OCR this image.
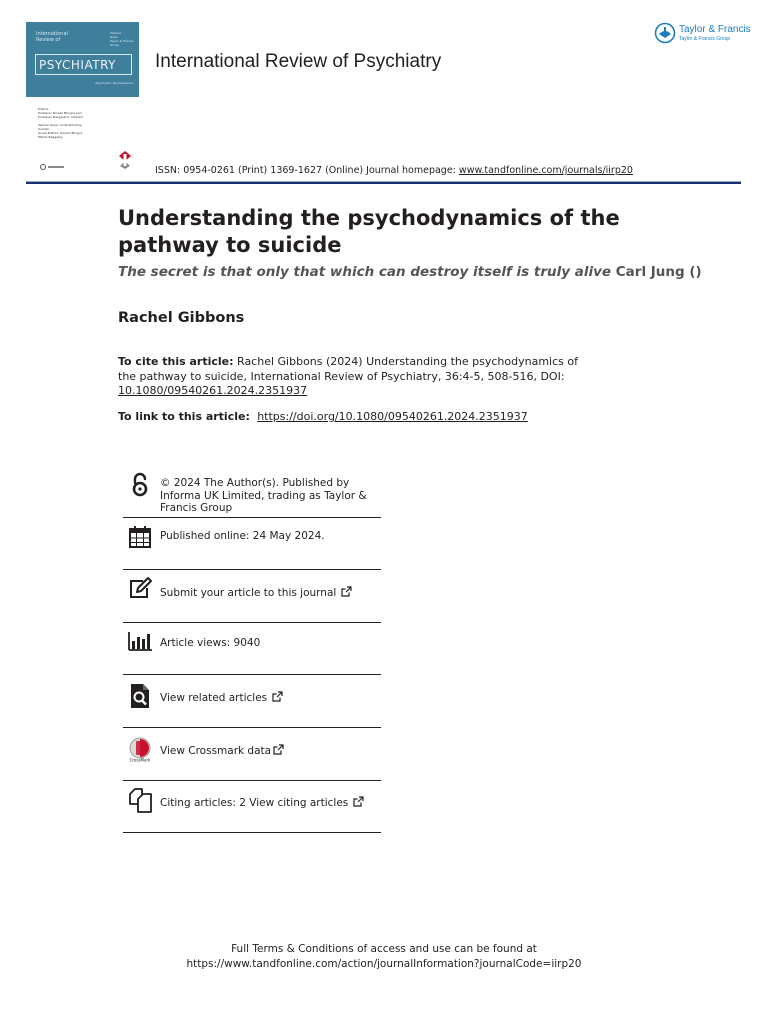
International
Review of
Volume
Issue
Taylor & Francis
Group
PSYCHIATRY
Psychiatric Neuroscience
Editors
Professor Dinesh Bhugra and
Professor Margaret S. Chisolm

Special Issue: Understanding
Suicide
Guest Editors: Dinesh Bhugra
Martin Baggaley
International Review of Psychiatry
Taylor & Francis
Taylor & Francis Group
ISSN: 0954-0261 (Print) 1369-1627 (Online) Journal homepage: www.tandfonline.com/journals/iirp20
Understanding the psychodynamics of the pathway to suicide
The secret is that only that which can destroy itself is truly alive Carl Jung ()
Rachel Gibbons
To cite this article: Rachel Gibbons (2024) Understanding the psychodynamics of the pathway to suicide, International Review of Psychiatry, 36:4-5, 508-516, DOI: 10.1080/09540261.2024.2351937
To link to this article:  https://doi.org/10.1080/09540261.2024.2351937
© 2024 The Author(s). Published by Informa UK Limited, trading as Taylor & Francis Group
Published online: 24 May 2024.
Submit your article to this journal
Article views: 9040
View related articles
CrossMark
View Crossmark data
Citing articles: 2 View citing articles
Full Terms & Conditions of access and use can be found at
https://www.tandfonline.com/action/journalInformation?journalCode=iirp20
